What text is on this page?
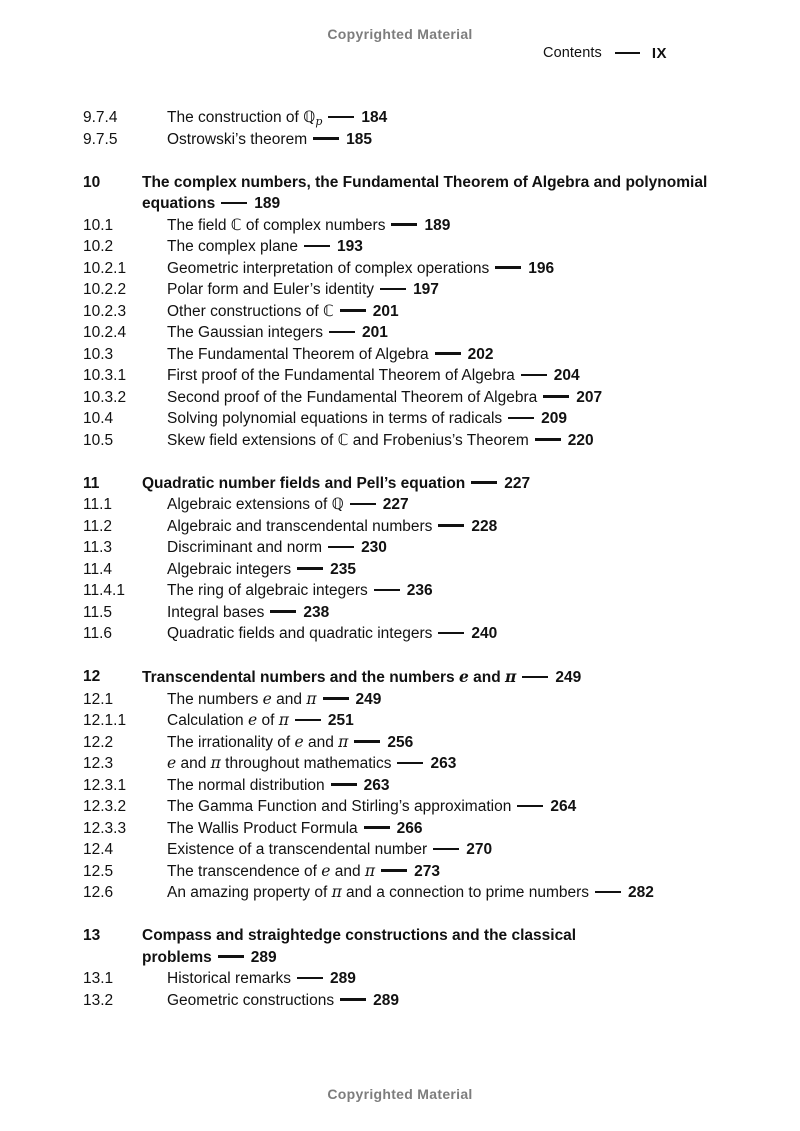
Copyrighted Material
Contents	IX
9.7.4	The construction of ℚ$_p$	184
9.7.5	Ostrowski’s theorem	185
10	The complex numbers, the Fundamental Theorem of Algebra and polynomial
equations	189
10.1	The field ℂ of complex numbers	189
10.2	The complex plane	193
10.2.1	Geometric interpretation of complex operations	196
10.2.2	Polar form and Euler’s identity	197
10.2.3	Other constructions of ℂ	201
10.2.4	The Gaussian integers	201
10.3	The Fundamental Theorem of Algebra	202
10.3.1	First proof of the Fundamental Theorem of Algebra	204
10.3.2	Second proof of the Fundamental Theorem of Algebra	207
10.4	Solving polynomial equations in terms of radicals	209
10.5	Skew field extensions of ℂ and Frobenius’s Theorem	220
11	Quadratic number fields and Pell’s equation	227
11.1	Algebraic extensions of ℚ	227
11.2	Algebraic and transcendental numbers	228
11.3	Discriminant and norm	230
11.4	Algebraic integers	235
11.4.1	The ring of algebraic integers	236
11.5	Integral bases	238
11.6	Quadratic fields and quadratic integers	240
12	Transcendental numbers and the numbers e and π	249
12.1	The numbers e and π	249
12.1.1	Calculation e of π	251
12.2	The irrationality of e and π	256
12.3	e and π throughout mathematics	263
12.3.1	The normal distribution	263
12.3.2	The Gamma Function and Stirling’s approximation	264
12.3.3	The Wallis Product Formula	266
12.4	Existence of a transcendental number	270
12.5	The transcendence of e and π	273
12.6	An amazing property of π and a connection to prime numbers	282
13	Compass and straightedge constructions and the classical
problems	289
13.1	Historical remarks	289
13.2	Geometric constructions	289
Copyrighted Material
